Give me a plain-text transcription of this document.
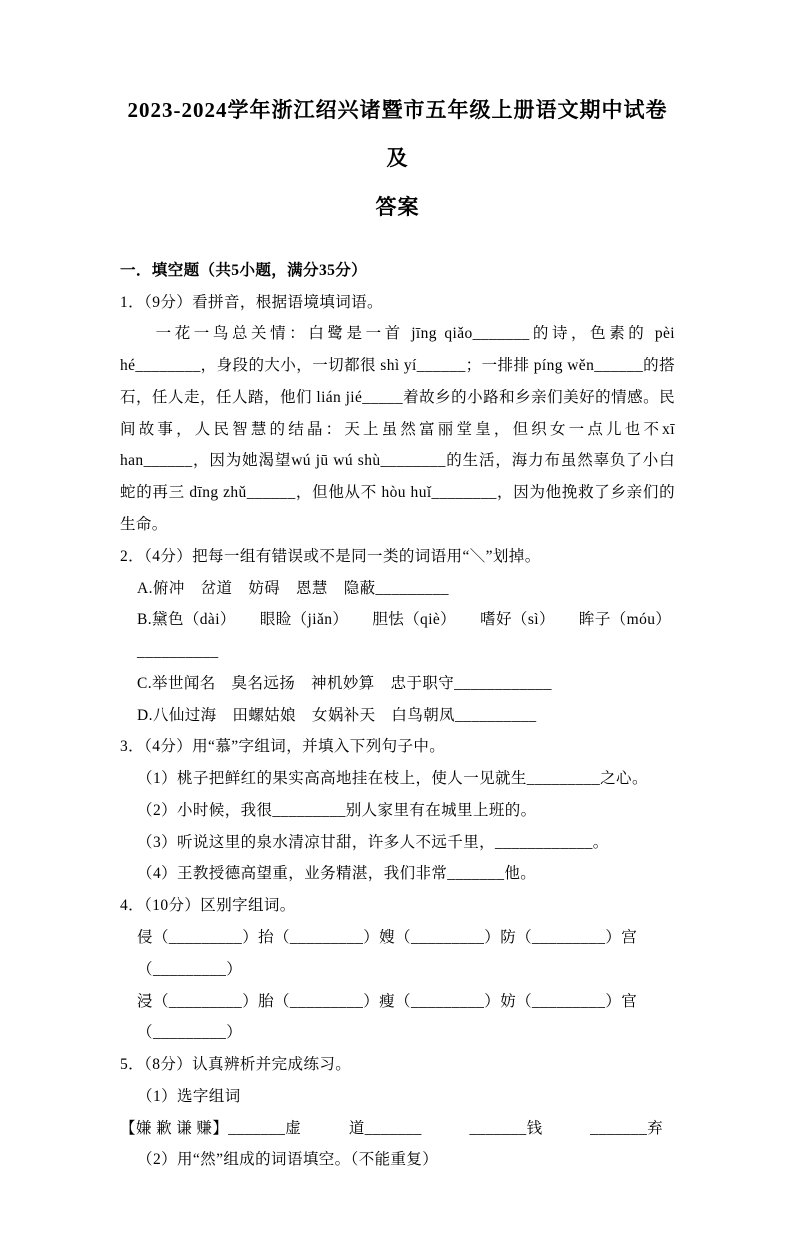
2023-2024学年浙江绍兴诸暨市五年级上册语文期中试卷及
答案
一．填空题（共5小题，满分35分）
1．（9分）看拼音，根据语境填词语。

一花一鸟总关情：白鹭是一首 jīng qiǎo_______的诗，色素的 pèi hé________，身段的大小，一切都很 shì yí______；一排排 píng wěn______的搭石，任人走，任人踏，他们 lián jié_____着故乡的小路和乡亲们美好的情感。民间故事，人民智慧的结晶：天上虽然富丽堂皇，但织女一点儿也不xī han______，因为她渴望wú jū wú shù________的生活，海力布虽然辜负了小白蛇的再三 dīng zhǔ______，但他从不 hòu huǐ________，因为他挽救了乡亲们的生命。

2．（4分）把每一组有错误或不是同一类的词语用“＼”划掉。
A.俯冲　岔道　妨碍　恩慧　隐蔽_________
B.黛色（dài）　　眼睑（jiǎn）　　胆怯（qiè）　　嗜好（sì）　　眸子（móu）__________
C.举世闻名　臭名远扬　神机妙算　忠于职守____________
D.八仙过海　田螺姑娘　女娲补天　白鸟朝凤__________
3．（4分）用“慕”字组词，并填入下列句子中。
（1）桃子把鲜红的果实高高地挂在枝上，使人一见就生_________之心。
（2）小时候，我很_________别人家里有在城里上班的。
（3）听说这里的泉水清凉甘甜，许多人不远千里，____________。
（4）王教授德高望重，业务精湛，我们非常_______他。
4．（10分）区别字组词。
侵（_________）抬（_________）嫂（_________）防（_________）宫（_________）
浸（_________）胎（_________）瘦（_________）妨（_________）官（_________）
5．（8分）认真辨析并完成练习。
（1）选字组词
【嫌 歉 谦 赚】_______虚　　　道_______　　　_______钱　　　_______弃
（2）用“然”组成的词语填空。（不能重复）
